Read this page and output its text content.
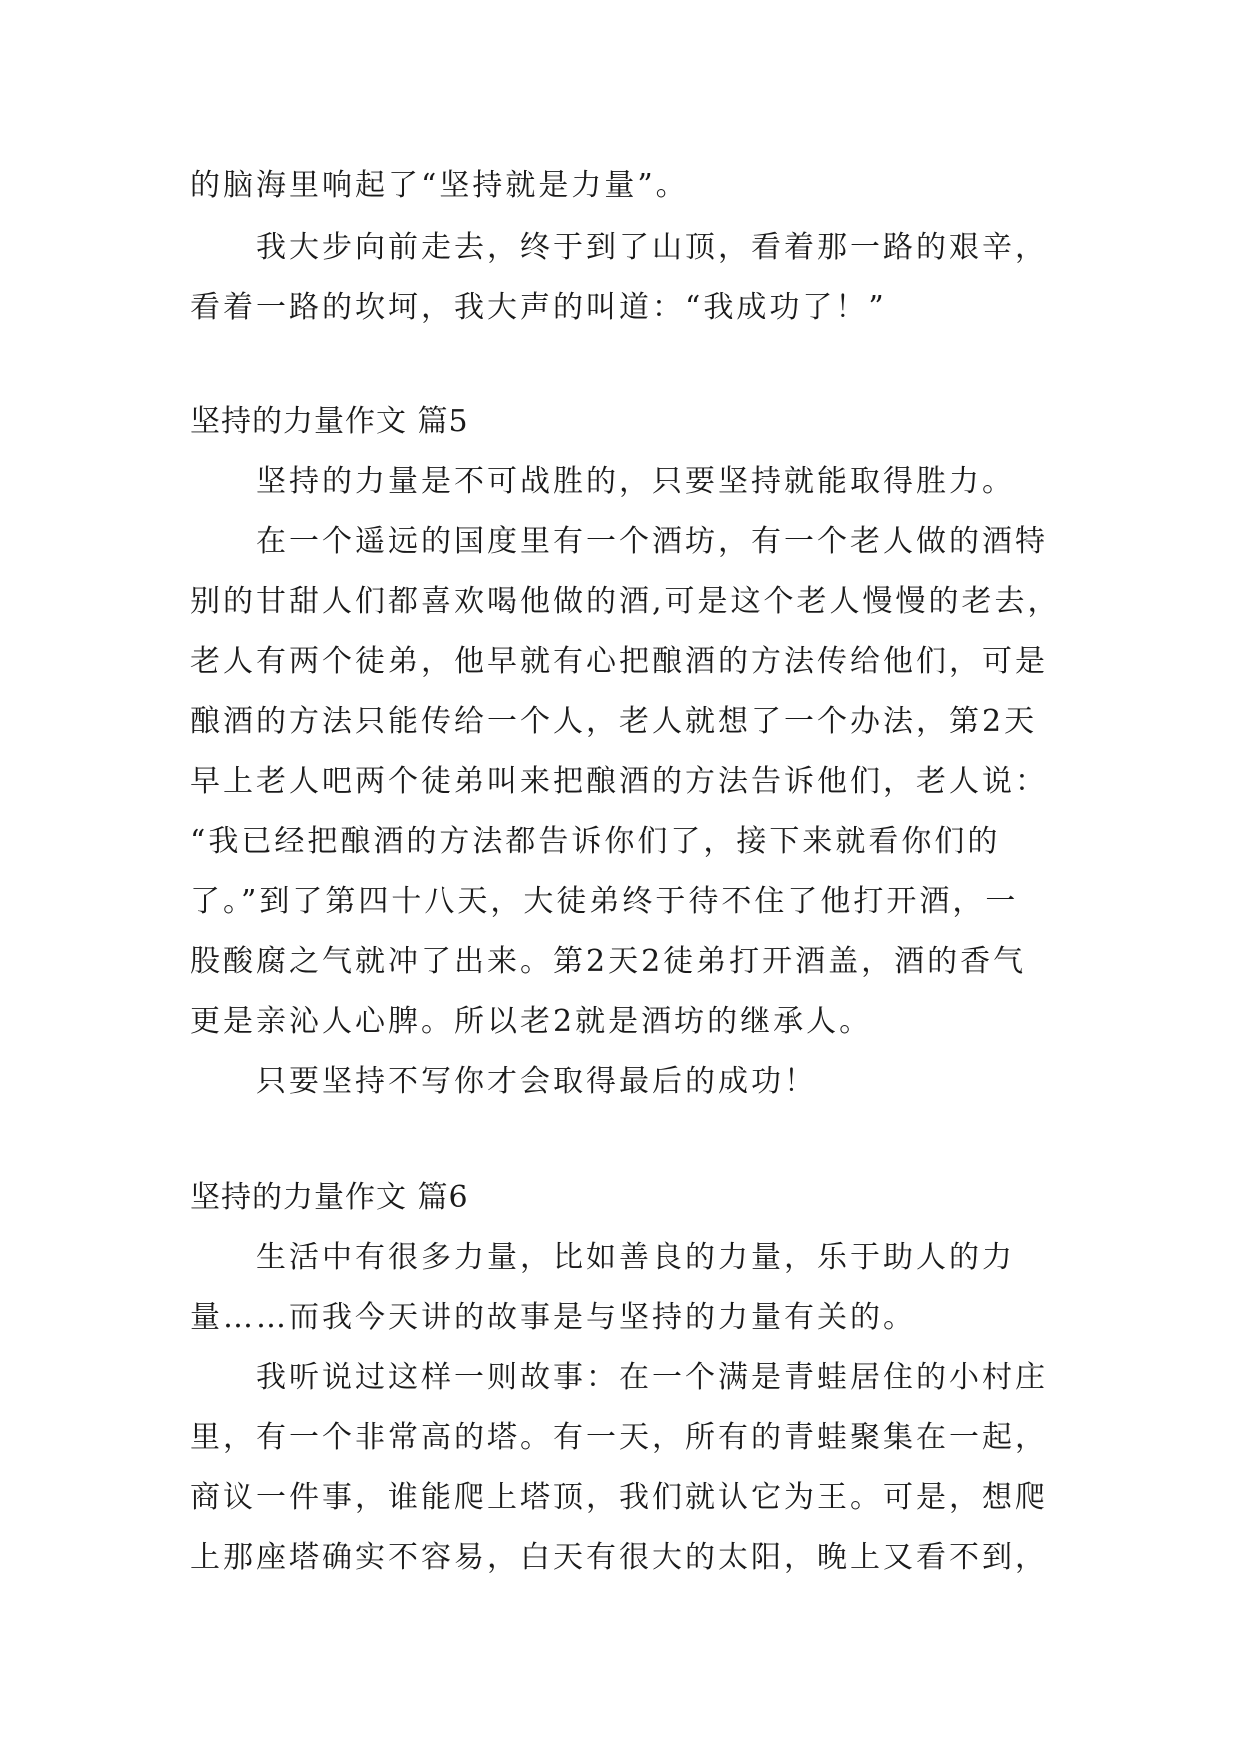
的脑海里响起了“坚持就是力量”。
　　我大步向前走去，终于到了山顶，看着那一路的艰辛，
看着一路的坎坷，我大声的叫道：“我成功了！”
坚持的力量作文 篇5
　　坚持的力量是不可战胜的，只要坚持就能取得胜力。
　　在一个遥远的国度里有一个酒坊，有一个老人做的酒特
别的甘甜人们都喜欢喝他做的酒,可是这个老人慢慢的老去，
老人有两个徒弟，他早就有心把酿酒的方法传给他们，可是
酿酒的方法只能传给一个人，老人就想了一个办法，第2天
早上老人吧两个徒弟叫来把酿酒的方法告诉他们，老人说：
“我已经把酿酒的方法都告诉你们了，接下来就看你们的
了。”到了第四十八天，大徒弟终于待不住了他打开酒，一
股酸腐之气就冲了出来。第2天2徒弟打开酒盖，酒的香气
更是亲沁人心脾。所以老2就是酒坊的继承人。
　　只要坚持不写你才会取得最后的成功！
坚持的力量作文 篇6
　　生活中有很多力量，比如善良的力量，乐于助人的力
量……而我今天讲的故事是与坚持的力量有关的。
　　我听说过这样一则故事：在一个满是青蛙居住的小村庄
里，有一个非常高的塔。有一天，所有的青蛙聚集在一起，
商议一件事，谁能爬上塔顶，我们就认它为王。可是，想爬
上那座塔确实不容易，白天有很大的太阳，晚上又看不到，
